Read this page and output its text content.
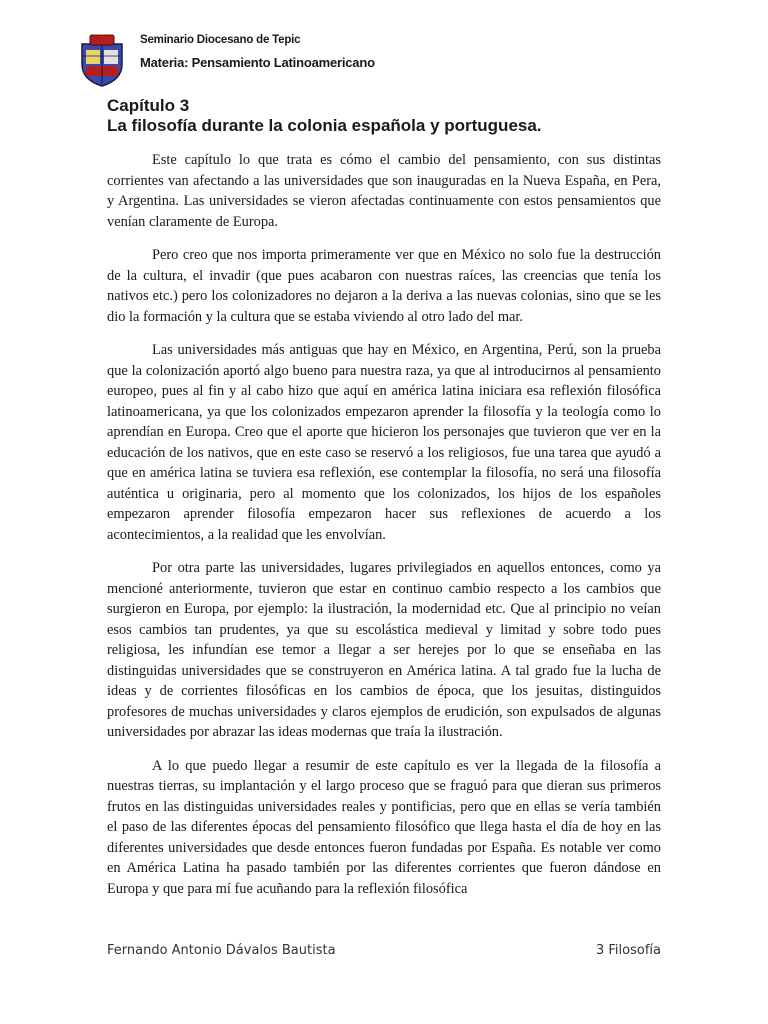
Seminario Diocesano de Tepic
Materia: Pensamiento Latinoamericano
Capítulo 3
La filosofía durante la colonia española y portuguesa.

Este capítulo lo que trata es cómo el cambio del pensamiento, con sus distintas corrientes van afectando a las universidades que son inauguradas en la Nueva España, en Pera, y Argentina. Las universidades se vieron afectadas continuamente con estos pensamientos que venían claramente de Europa.

Pero creo que nos importa primeramente ver que en México no solo fue la destrucción de la cultura, el invadir (que pues acabaron con nuestras raíces, las creencias que tenía los nativos etc.) pero los colonizadores no dejaron a la deriva a las nuevas colonias, sino que se les dio la formación y la cultura que se estaba viviendo al otro lado del mar.

Las universidades más antiguas que hay en México, en Argentina, Perú, son la prueba que la colonización aportó algo bueno para nuestra raza, ya que al introducirnos al pensamiento europeo, pues al fin y al cabo hizo que aquí en américa latina iniciara esa reflexión filosófica latinoamericana, ya que los colonizados empezaron aprender la filosofía y la teología como lo aprendían en Europa. Creo que el aporte que hicieron los personajes que tuvieron que ver en la educación de los nativos, que en este caso se reservó a los religiosos, fue una tarea que ayudó a que en américa latina se tuviera esa reflexión, ese contemplar la filosofía, no será una filosofía auténtica u originaria, pero al momento que los colonizados, los hijos de los españoles empezaron aprender filosofía empezaron hacer sus reflexiones de acuerdo a los acontecimientos, a la realidad que les envolvían.

Por otra parte las universidades, lugares privilegiados en aquellos entonces, como ya mencioné anteriormente, tuvieron que estar en continuo cambio respecto a los cambios que surgieron en Europa, por ejemplo: la ilustración, la modernidad etc. Que al principio no veían esos cambios tan prudentes, ya que su escolástica medieval y limitad y sobre todo pues religiosa, les infundían ese temor a llegar a ser herejes por lo que se enseñaba en las distinguidas universidades que se construyeron en América latina. A tal grado fue la lucha de ideas y de corrientes filosóficas en los cambios de época, que los jesuitas, distinguidos profesores de muchas universidades y claros ejemplos de erudición, son expulsados de algunas universidades por abrazar las ideas modernas que traía la ilustración.

A lo que puedo llegar a resumir de este capítulo es ver la llegada de la filosofía a nuestras tierras, su implantación y el largo proceso que se fraguó para que dieran sus primeros frutos en las distinguidas universidades reales y pontificias, pero que en ellas se vería también el paso de las diferentes épocas del pensamiento filosófico que llega hasta el día de hoy en las diferentes universidades que desde entonces fueron fundadas por España. Es notable ver como en América Latina ha pasado también por las diferentes corrientes que fueron dándose en Europa y que para mí fue acuñando para la reflexión filosófica

Fernando Antonio Dávalos Bautista	3 Filosofía
